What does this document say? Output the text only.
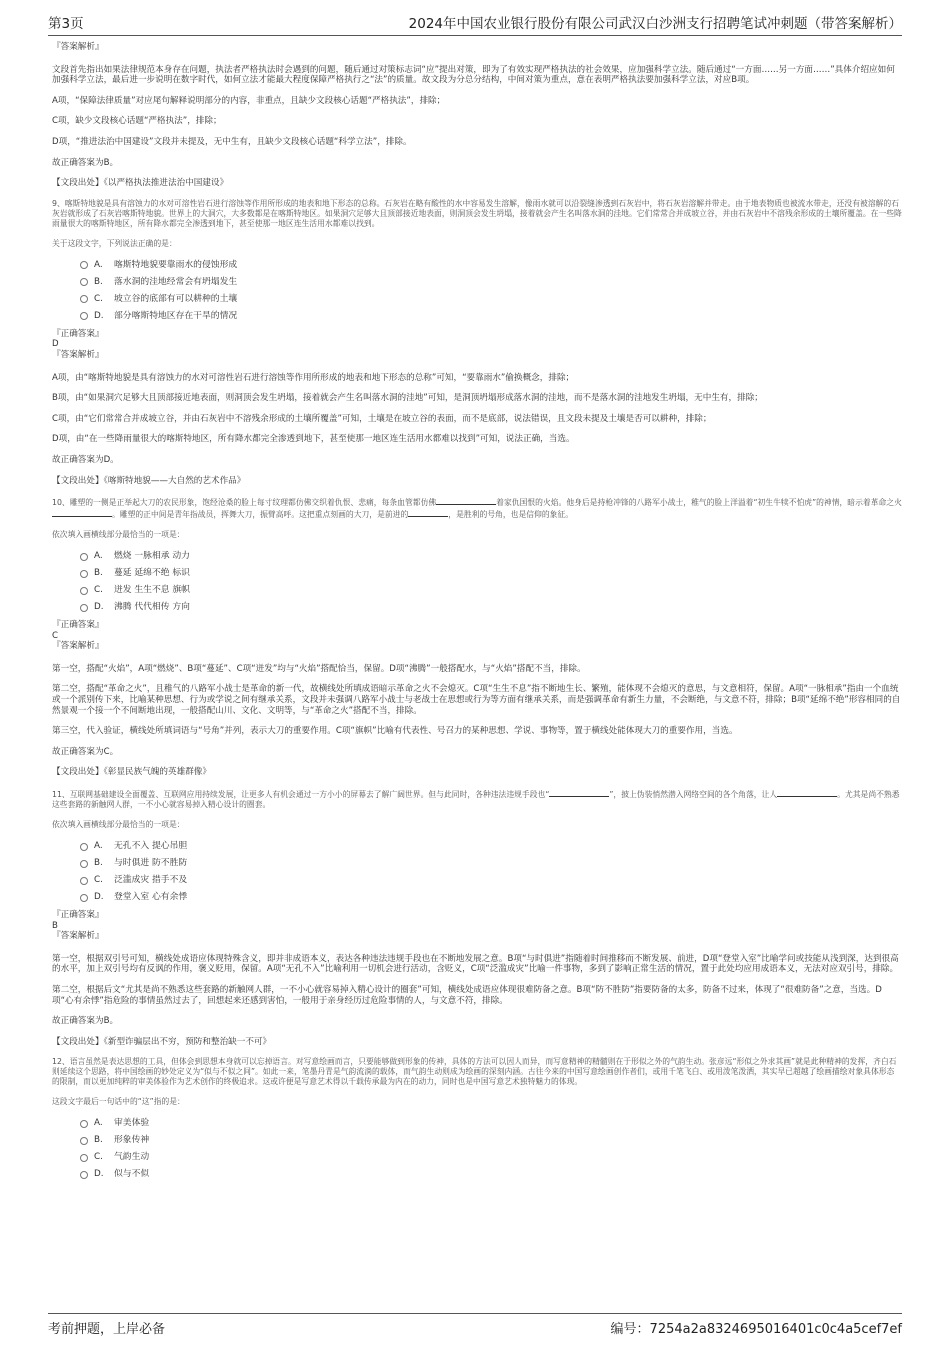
第3页	2024年中国农业银行股份有限公司武汉白沙洲支行招聘笔试冲刺题（带答案解析）

『答案解析』

文段首先指出如果法律规范本身存在问题，执法者严格执法时会遇到的问题，随后通过对策标志词“应”提出对策，即为了有效实现严格执法的社会效果，应加强科学立法。随后通过“一方面……另一方面……”具体介绍应如何加强科学立法，最后进一步说明在数字时代，如何立法才能最大程度保障严格执行之“法”的质量。故文段为分总分结构，中间对策为重点，意在表明严格执法要加强科学立法，对应B项。

A项，“保障法律质量”对应尾句解释说明部分的内容，非重点，且缺少文段核心话题“严格执法”，排除；

C项，缺少文段核心话题“严格执法”，排除；

D项，“推进法治中国建设”文段并未提及，无中生有，且缺少文段核心话题“科学立法”，排除。

故正确答案为B。

【文段出处】《以严格执法推进法治中国建设》

9、喀斯特地貌是具有溶蚀力的水对可溶性岩石进行溶蚀等作用所形成的地表和地下形态的总称。石灰岩在略有酸性的水中容易发生溶解，像雨水就可以沿裂缝渗透到石灰岩中，将石灰岩溶解并带走。由于地表物质也被流水带走，还没有被溶解的石灰岩就形成了石灰岩喀斯特地貌。世界上的大洞穴，大多数都是在喀斯特地区。如果洞穴足够大且顶部接近地表面，则洞顶会发生坍塌，接着就会产生名叫落水洞的洼地。它们常常合并成坡立谷，并由石灰岩中不溶残余形成的土壤所覆盖。在一些降雨量很大的喀斯特地区，所有降水都完全渗透到地下，甚至使那一地区连生活用水都难以找到。

关于这段文字，下列说法正确的是：

A.	喀斯特地貌要靠雨水的侵蚀形成
B.	落水洞的洼地经常会有坍塌发生
C.	坡立谷的底部有可以耕种的土壤
D.	部分喀斯特地区存在干旱的情况

『正确答案』

D

『答案解析』

A项，由“喀斯特地貌是具有溶蚀力的水对可溶性岩石进行溶蚀等作用所形成的地表和地下形态的总称”可知，“要靠雨水”偷换概念，排除；

B项，由“如果洞穴足够大且顶部接近地表面，则洞顶会发生坍塌，接着就会产生名叫落水洞的洼地”可知，是洞顶坍塌形成落水洞的洼地，而不是落水洞的洼地发生坍塌，无中生有，排除；

C项，由“它们常常合并成坡立谷，并由石灰岩中不溶残余形成的土壤所覆盖”可知，土壤是在坡立谷的表面，而不是底部，说法错误，且文段未提及土壤是否可以耕种，排除；

D项，由“在一些降雨量很大的喀斯特地区，所有降水都完全渗透到地下，甚至使那一地区连生活用水都难以找到”可知，说法正确，当选。

故正确答案为D。

【文段出处】《喀斯特地貌——大自然的艺术作品》

10、雕塑的一侧是正举起大刀的农民形象，饱经沧桑的脸上每寸纹理都仿佛交织着仇恨、悲痛，每条血管都仿佛	着家仇国恨的火焰。他身后是持枪冲锋的八路军小战士，稚气的脸上洋溢着“初生牛犊不怕虎”的神情，暗示着革命之火。雕塑的正中间是青年指战员，挥舞大刀，振臂高呼。这把重点刻画的大刀，是前进的	，是胜利的号角，也是信仰的象征。

依次填入画横线部分最恰当的一项是：

A.	燃烧 一脉相承 动力
B.	蔓延 延绵不绝 标识
C.	迸发 生生不息 旗帜
D.	沸腾 代代相传 方向

『正确答案』

C

『答案解析』

第一空，搭配“火焰”，A项“燃烧”、B项“蔓延”、C项“迸发”均与“火焰”搭配恰当，保留。D项“沸腾”一般搭配水，与“火焰”搭配不当，排除。

第二空，搭配“革命之火”，且稚气的八路军小战士是革命的新一代，故横线处所填成语暗示革命之火不会熄灭。C项“生生不息”指不断地生长、繁殖，能体现不会熄灭的意思，与文意相符，保留。A项“一脉相承”指由一个血统或一个派别传下来，比喻某种思想、行为或学说之间有继承关系，文段并未强调八路军小战士与老战士在思想或行为等方面有继承关系，而是强调革命有新生力量，不会断绝，与文意不符，排除；B项“延绵不绝”形容相同的自然景观一个接一个不间断地出现，一般搭配山川、文化、文明等，与“革命之火”搭配不当，排除。

第三空，代入验证，横线处所填词语与“号角”并列，表示大刀的重要作用。C项“旗帜”比喻有代表性、号召力的某种思想、学说、事物等，置于横线处能体现大刀的重要作用，当选。

故正确答案为C。

【文段出处】《彰显民族气魄的英雄群像》

11、互联网基础建设全面覆盖、互联网应用持续发展，让更多人有机会通过一方小小的屏幕去了解广阔世界。但与此同时，各种违法违规手段也“	”，披上伪装悄然潜入网络空间的各个角落，让人	。尤其是尚不熟悉这些套路的新触网人群，一不小心就容易掉入精心设计的圈套。

依次填入画横线部分最恰当的一项是：

A.	无孔不入 提心吊胆
B.	与时俱进 防不胜防
C.	泛滥成灾 措手不及
D.	登堂入室 心有余悸

『正确答案』

B

『答案解析』

第一空，根据双引号可知，横线处成语应体现特殊含义，即并非成语本义，表达各种违法违规手段也在不断地发展之意。B项“与时俱进”指随着时间推移而不断发展、前进，D项“登堂入室”比喻学问或技能从浅到深，达到很高的水平，加上双引号均有反讽的作用，褒义贬用，保留。A项“无孔不入”比喻利用一切机会进行活动，含贬义，C项“泛滥成灾”比喻一件事物，多到了影响正常生活的情况，置于此处均应用成语本义，无法对应双引号，排除。

第二空，根据后文“尤其是尚不熟悉这些套路的新触网人群，一不小心就容易掉入精心设计的圈套”可知，横线处成语应体现很难防备之意。B项“防不胜防”指要防备的太多，防备不过来，体现了“很难防备”之意，当选。D项“心有余悸”指危险的事情虽然过去了，回想起来还感到害怕，一般用于亲身经历过危险事情的人，与文意不符，排除。

故正确答案为B。

【文段出处】《新型诈骗层出不穷，预防和整治缺一不可》

12、语言虽然是表达思想的工具，但体会到思想本身就可以忘掉语言。对写意绘画而言，只要能够做到形象的传神，具体的方法可以因人而异，而写意精神的精髓则在于形似之外的气韵生动。张彦远“形似之外求其画”就是此种精神的发挥，齐白石则延续这个思路，将中国绘画的妙处定义为“似与不似之间”。如此一来，笔墨丹青是气韵流淌的载体，而气韵生动则成为绘画的深刻内涵。古往今来的中国写意绘画创作者们，或用千笔飞白、或用泼笔泼洒，其实早已超越了绘画描绘对象具体形态的限制，而以更加纯粹的审美体验作为艺术创作的终极追求。这或许便是写意艺术得以千载传承最为内在的动力，同时也是中国写意艺术独特魅力的体现。

这段文字最后一句话中的“这”指的是：

A.	审美体验
B.	形象传神
C.	气韵生动
D.	似与不似
考前押题，上岸必备	编号：7254a2a8324695016401c0c4a5cef7ef
